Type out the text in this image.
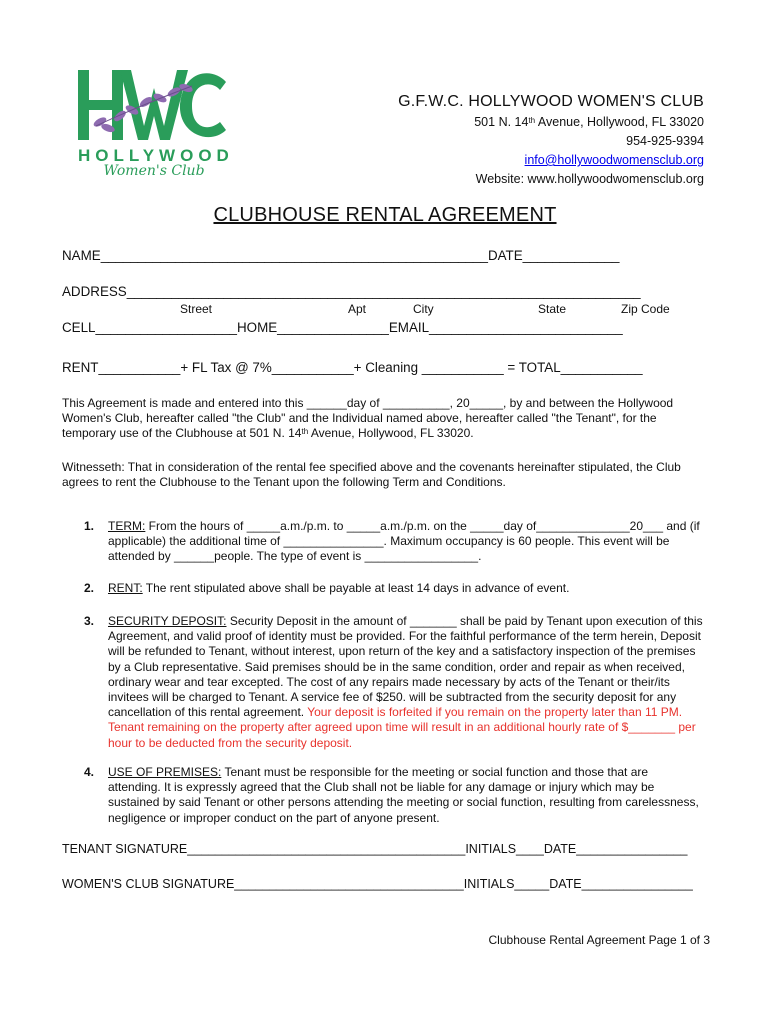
HOLLYWOOD
Women's Club
G.F.W.C. HOLLYWOOD WOMEN'S CLUB
501 N. 14th Avenue, Hollywood, FL 33020
954-925-9394
info@hollywoodwomensclub.org
Website: www.hollywoodwomensclub.org
CLUBHOUSE RENTAL AGREEMENT
NAME____________________________________________________DATE_____________
ADDRESS_____________________________________________________________________
Street	Apt	City	State	Zip Code
CELL___________________HOME_______________EMAIL__________________________
RENT___________+ FL Tax @ 7%___________+ Cleaning ___________ = TOTAL___________
This Agreement is made and entered into this ______day of __________, 20_____, by and between the Hollywood Women's Club, hereafter called "the Club" and the Individual named above, hereafter called "the Tenant", for the temporary use of the Clubhouse at 501 N. 14th Avenue, Hollywood, FL 33020.
Witnesseth: That in consideration of the rental fee specified above and the covenants hereinafter stipulated, the Club agrees to rent the Clubhouse to the Tenant upon the following Term and Conditions.
1. TERM: From the hours of _____a.m./p.m. to _____a.m./p.m. on the _____day of______________20___ and (if applicable) the additional time of _______________. Maximum occupancy is 60 people. This event will be attended by ______people. The type of event is _________________.
2. RENT: The rent stipulated above shall be payable at least 14 days in advance of event.
3. SECURITY DEPOSIT: Security Deposit in the amount of _______ shall be paid by Tenant upon execution of this Agreement, and valid proof of identity must be provided. For the faithful performance of the term herein, Deposit will be refunded to Tenant, without interest, upon return of the key and a satisfactory inspection of the premises by a Club representative. Said premises should be in the same condition, order and repair as when received, ordinary wear and tear excepted. The cost of any repairs made necessary by acts of the Tenant or their/its invitees will be charged to Tenant. A service fee of $250. will be subtracted from the security deposit for any cancellation of this rental agreement. Your deposit is forfeited if you remain on the property later than 11 PM. Tenant remaining on the property after agreed upon time will result in an additional hourly rate of $_______ per hour to be deducted from the security deposit.
4. USE OF PREMISES: Tenant must be responsible for the meeting or social function and those that are attending. It is expressly agreed that the Club shall not be liable for any damage or injury which may be sustained by said Tenant or other persons attending the meeting or social function, resulting from carelessness, negligence or improper conduct on the part of anyone present.
TENANT SIGNATURE________________________________________INITIALS____DATE________________
WOMEN'S CLUB SIGNATURE_________________________________INITIALS_____DATE________________
Clubhouse Rental Agreement Page 1 of 3
